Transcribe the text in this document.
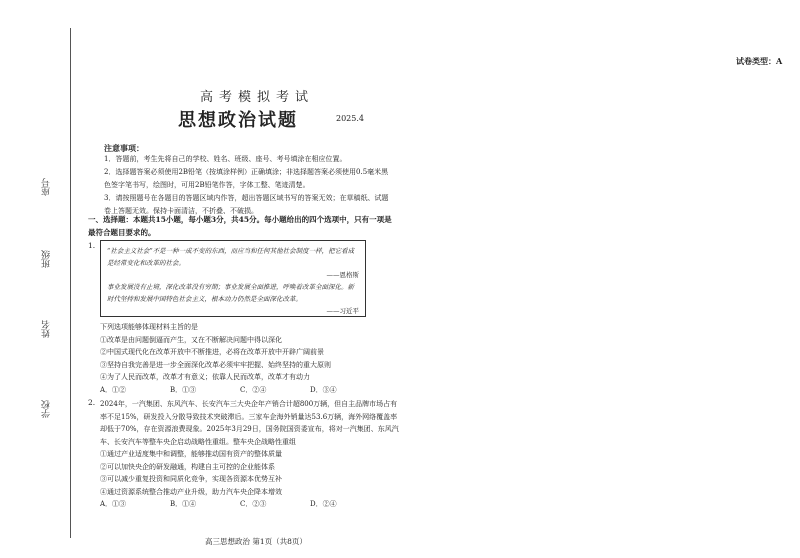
学校
姓名
班级
座号
试卷类型：A
高考模拟考试
思想政治试题	2025.4
注意事项：
1．答题前，考生先将自己的学校、姓名、班级、座号、考号填涂在相应位置。
2．选择题答案必须使用2B铅笔（按填涂样例）正确填涂；非选择题答案必须使用0.5毫米黑色签字笔书写，绘图时，可用2B铅笔作答，字体工整、笔迹清楚。
3．请按照题号在各题目的答题区域内作答，超出答题区域书写的答案无效；在草稿纸、试题卷上答题无效。保持卡面清洁，不折叠、不破损。
一、选择题：本题共15小题，每小题3分，共45分。每小题给出的四个选项中，只有一项是最符合题目要求的。
1.
“社会主义社会”不是一种一成不变的东西，而应当和任何其他社会制度一样，把它看成是经常变化和改革的社会。
——恩格斯
事业发展没有止境，深化改革没有穷期；事业发展全面推进，呼唤着改革全面深化。新时代坚持和发展中国特色社会主义，根本动力仍然是全面深化改革。
——习近平
下列选项能够体现材料主旨的是
①改革是由问题倒逼而产生，又在不断解决问题中得以深化
②中国式现代化在改革开放中不断推进，必将在改革开放中开辟广阔前景
③坚持自我完善是进一步全面深化改革必须牢牢把握、始终坚持的重大原则
④为了人民而改革，改革才有意义；依靠人民而改革，改革才有动力
A．①②	B．①③	C．②④	D．③④
2. 2024年，一汽集团、东风汽车、长安汽车三大央企年产销合计超800万辆，但自主品牌市场占有率不足15%，研发投入分散导致技术突破滞后。三家车企海外销量达53.6万辆，海外网络覆盖率却低于70%，存在资源浪费现象。2025年3月29日，国务院国资委宣布，将对一汽集团、东风汽车、长安汽车等整车央企启动战略性重组。整车央企战略性重组
①通过产业适度集中和调整，能够推动国有资产的整体质量
②可以加快央企的研发融通，构建自主可控的企业能体系
③可以减少重复投资和同质化竞争，实现各资源本优势互补
④通过资源系统整合推动产业升级，助力汽车央企降本增效
A．①③	B．①④	C．②③	D．②④
高三思想政治 第1页（共8页）
